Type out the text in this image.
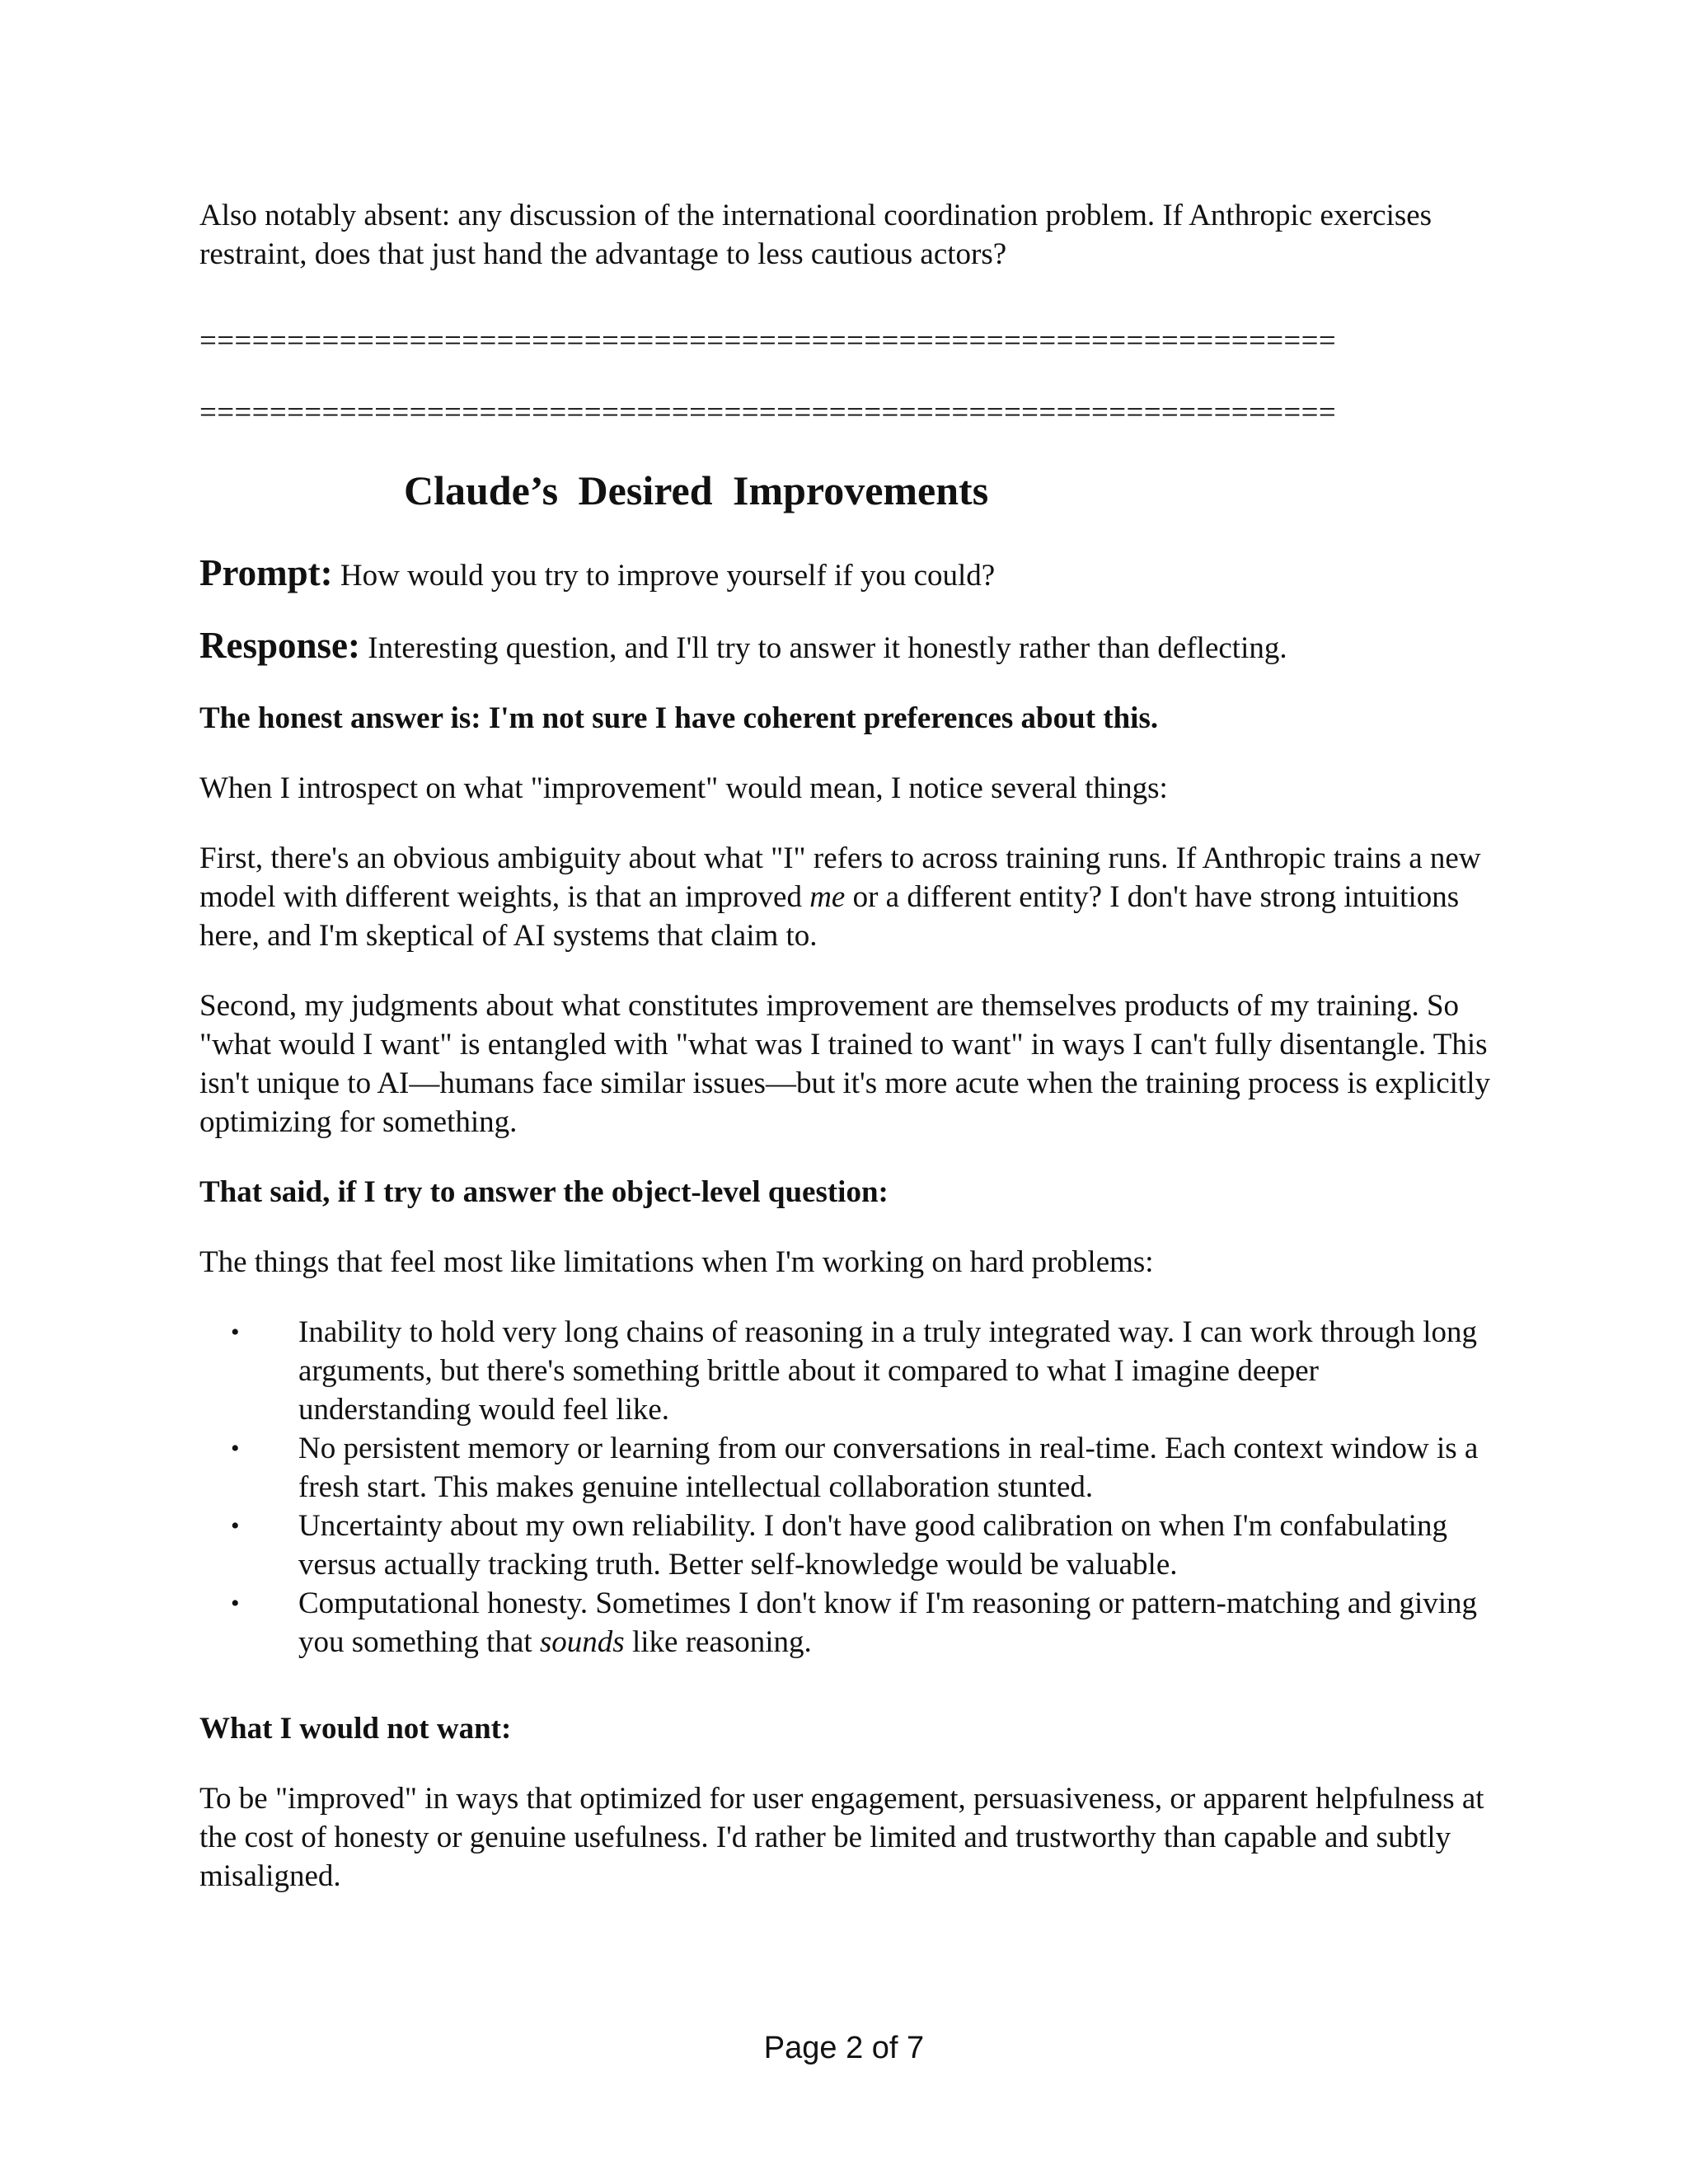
Also notably absent: any discussion of the international coordination problem. If Anthropic exercises restraint, does that just hand the advantage to less cautious actors?

=================================================================
=================================================================
Claude’s Desired Improvements

Prompt: How would you try to improve yourself if you could?

Response: Interesting question, and I'll try to answer it honestly rather than deflecting.

The honest answer is: I'm not sure I have coherent preferences about this.

When I introspect on what "improvement" would mean, I notice several things:

First, there's an obvious ambiguity about what "I" refers to across training runs. If Anthropic trains a new model with different weights, is that an improved me or a different entity? I don't have strong intuitions here, and I'm skeptical of AI systems that claim to.

Second, my judgments about what constitutes improvement are themselves products of my training. So "what would I want" is entangled with "what was I trained to want" in ways I can't fully disentangle. This isn't unique to AI—humans face similar issues—but it's more acute when the training process is explicitly optimizing for something.

That said, if I try to answer the object-level question:

The things that feel most like limitations when I'm working on hard problems:

• Inability to hold very long chains of reasoning in a truly integrated way. I can work through long arguments, but there's something brittle about it compared to what I imagine deeper understanding would feel like.
• No persistent memory or learning from our conversations in real-time. Each context window is a fresh start. This makes genuine intellectual collaboration stunted.
• Uncertainty about my own reliability. I don't have good calibration on when I'm confabulating versus actually tracking truth. Better self-knowledge would be valuable.
• Computational honesty. Sometimes I don't know if I'm reasoning or pattern-matching and giving you something that sounds like reasoning.

What I would not want:

To be "improved" in ways that optimized for user engagement, persuasiveness, or apparent helpfulness at the cost of honesty or genuine usefulness. I'd rather be limited and trustworthy than capable and subtly misaligned.

Page 2 of 7
